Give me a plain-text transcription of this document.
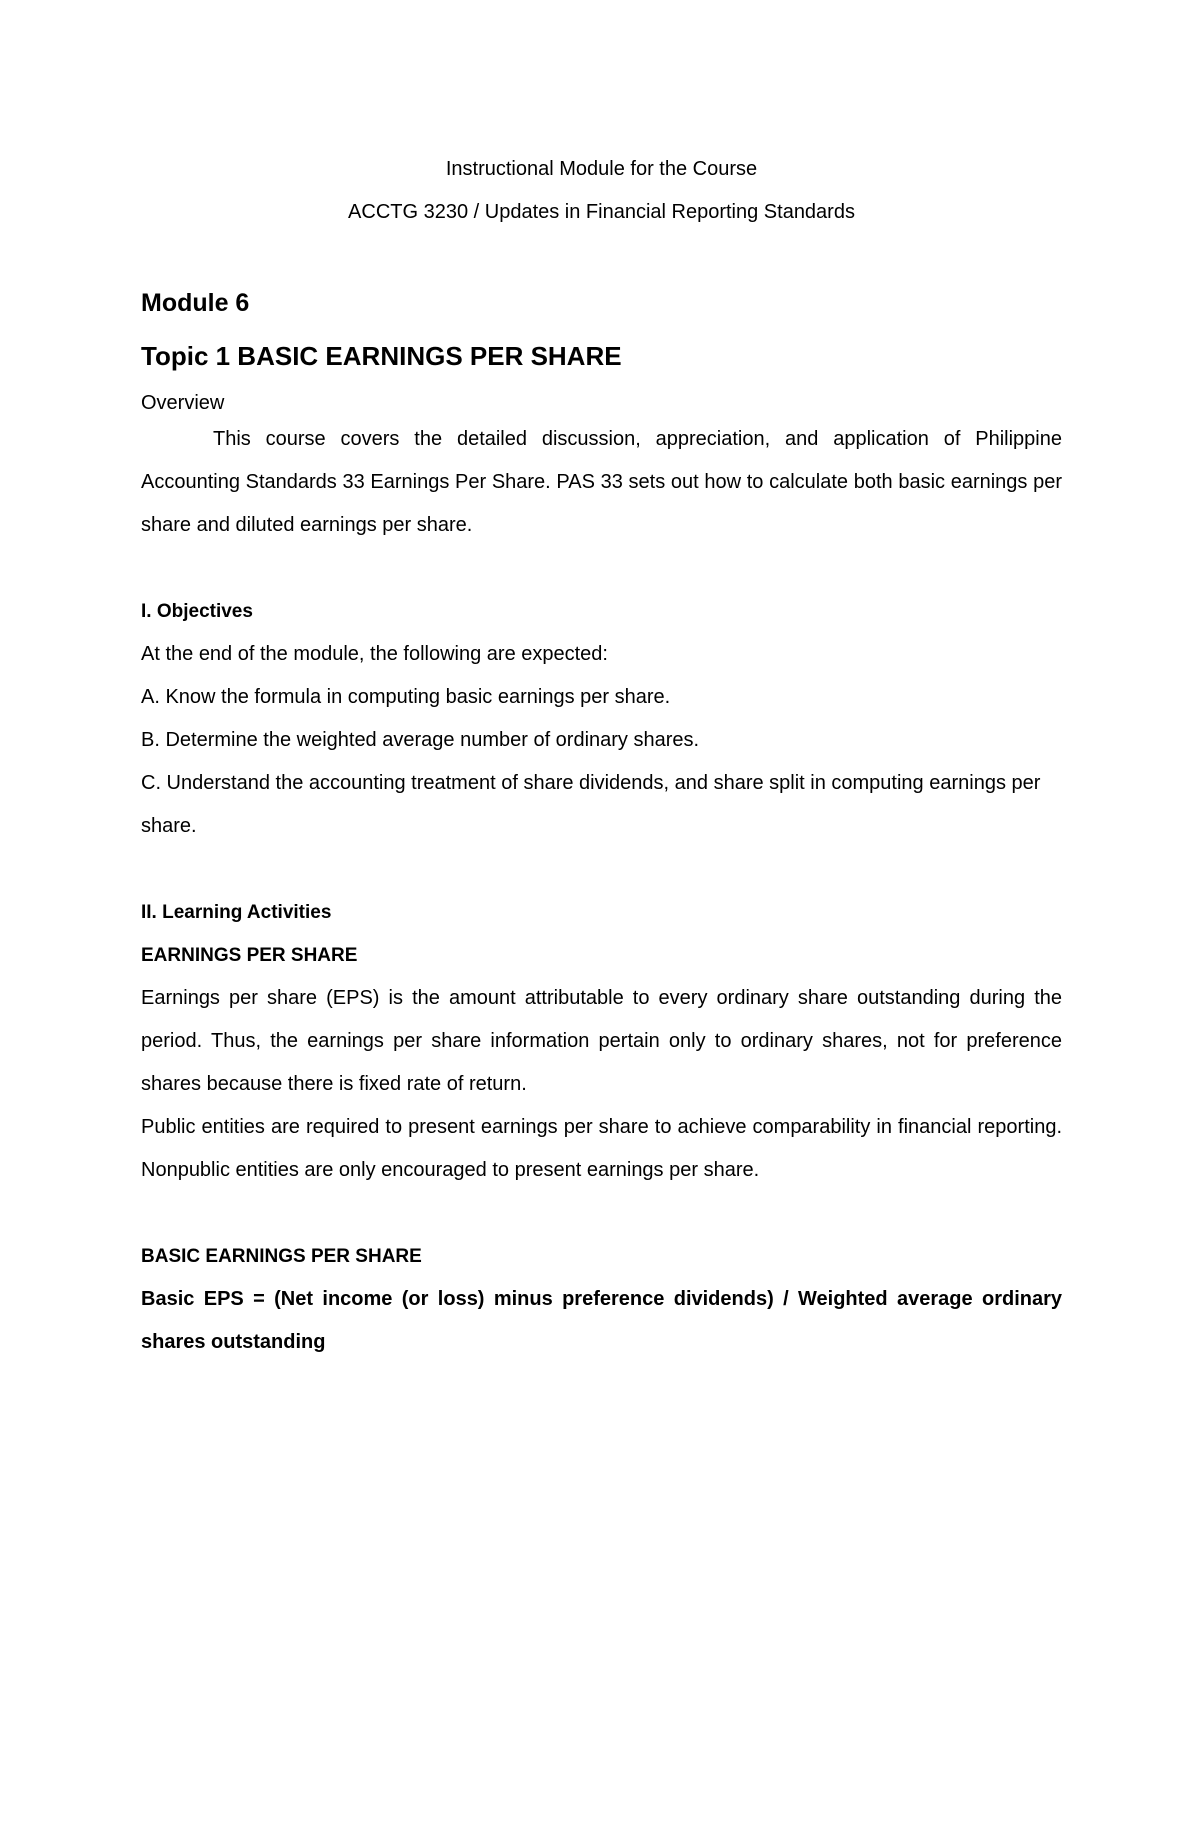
Instructional Module for the Course
ACCTG 3230 / Updates in Financial Reporting Standards
Module 6
Topic 1 BASIC EARNINGS PER SHARE
Overview

This course covers the detailed discussion, appreciation, and application of Philippine Accounting Standards 33 Earnings Per Share. PAS 33 sets out how to calculate both basic earnings per share and diluted earnings per share.

I. Objectives

At the end of the module, the following are expected:

A. Know the formula in computing basic earnings per share.
B. Determine the weighted average number of ordinary shares.
C. Understand the accounting treatment of share dividends, and share split in computing earnings per share.

II. Learning Activities

EARNINGS PER SHARE

Earnings per share (EPS) is the amount attributable to every ordinary share outstanding during the period. Thus, the earnings per share information pertain only to ordinary shares, not for preference shares because there is fixed rate of return.

Public entities are required to present earnings per share to achieve comparability in financial reporting. Nonpublic entities are only encouraged to present earnings per share.

BASIC EARNINGS PER SHARE

Basic EPS = (Net income (or loss) minus preference dividends) / Weighted average ordinary shares outstanding
